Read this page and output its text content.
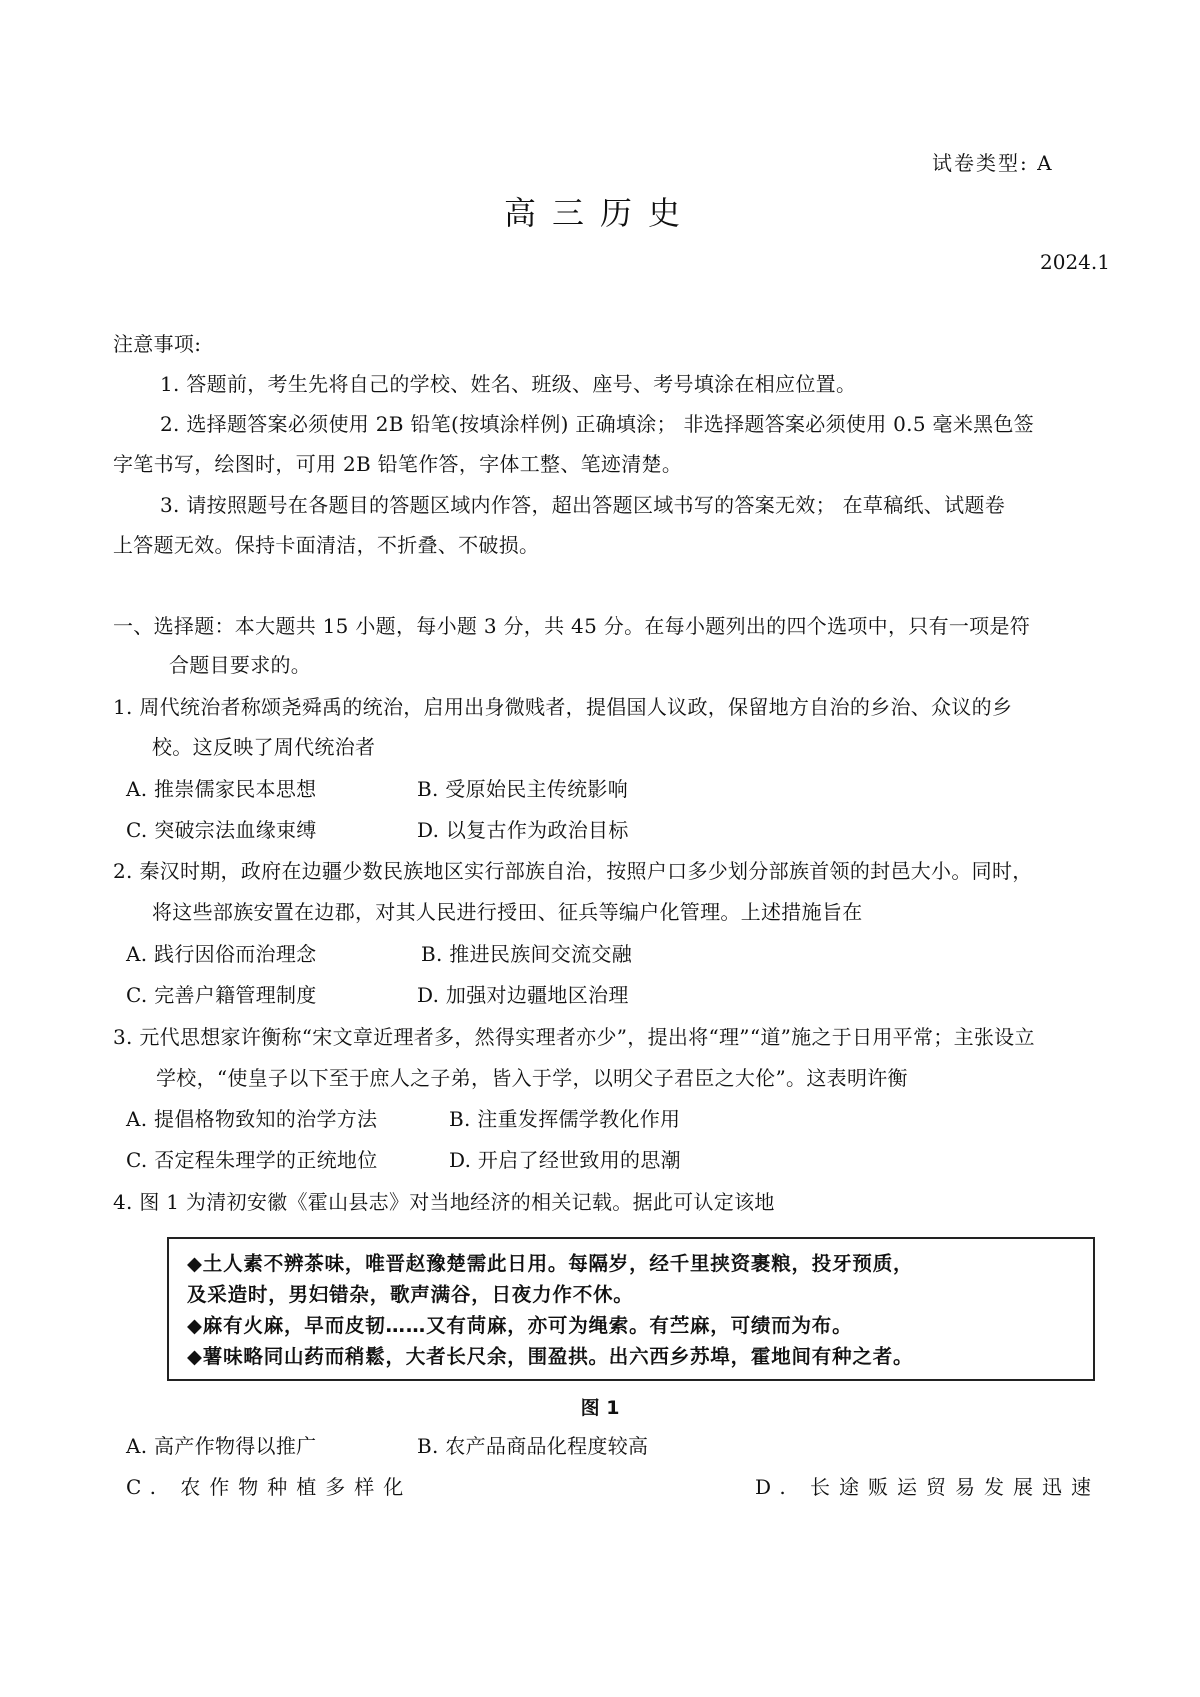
试卷类型: A
高三历史
2024.1
注意事项:
1. 答题前，考生先将自己的学校、姓名、班级、座号、考号填涂在相应位置。
2. 选择题答案必须使用 2B 铅笔(按填涂样例) 正确填涂； 非选择题答案必须使用 0.5 毫米黑色签
字笔书写，绘图时，可用 2B 铅笔作答，字体工整、笔迹清楚。
3. 请按照题号在各题目的答题区域内作答，超出答题区域书写的答案无效； 在草稿纸、试题卷
上答题无效。保持卡面清洁，不折叠、不破损。
一、选择题：本大题共 15 小题，每小题 3 分，共 45 分。在每小题列出的四个选项中，只有一项是符
合题目要求的。
1. 周代统治者称颂尧舜禹的统治，启用出身微贱者，提倡国人议政，保留地方自治的乡治、众议的乡
校。这反映了周代统治者
A. 推崇儒家民本思想	B. 受原始民主传统影响
C. 突破宗法血缘束缚	D. 以复古作为政治目标
2. 秦汉时期，政府在边疆少数民族地区实行部族自治，按照户口多少划分部族首领的封邑大小。同时，
将这些部族安置在边郡，对其人民进行授田、征兵等编户化管理。上述措施旨在
A. 践行因俗而治理念	B. 推进民族间交流交融
C. 完善户籍管理制度	D. 加强对边疆地区治理
3. 元代思想家许衡称“宋文章近理者多，然得实理者亦少”，提出将“理”“道”施之于日用平常；主张设立
学校，“使皇子以下至于庶人之子弟，皆入于学，以明父子君臣之大伦”。这表明许衡
A. 提倡格物致知的治学方法	B. 注重发挥儒学教化作用
C. 否定程朱理学的正统地位	D. 开启了经世致用的思潮
4. 图 1 为清初安徽《霍山县志》对当地经济的相关记载。据此可认定该地
◆土人素不辨茶味，唯晋赵豫楚需此日用。每隔岁，经千里挟资裹粮，投牙预质，
及采造时，男妇错杂，歌声满谷，日夜力作不休。
◆麻有火麻，早而皮韧……又有苘麻，亦可为绳索。有苎麻，可绩而为布。
◆薯味略同山药而稍鬆，大者长尺余，围盈拱。出六西乡苏埠，霍地间有种之者。
图 1
A. 高产作物得以推广	B. 农产品商品化程度较高
C. 农作物种植多样化	D. 长途贩运贸易发展迅速
